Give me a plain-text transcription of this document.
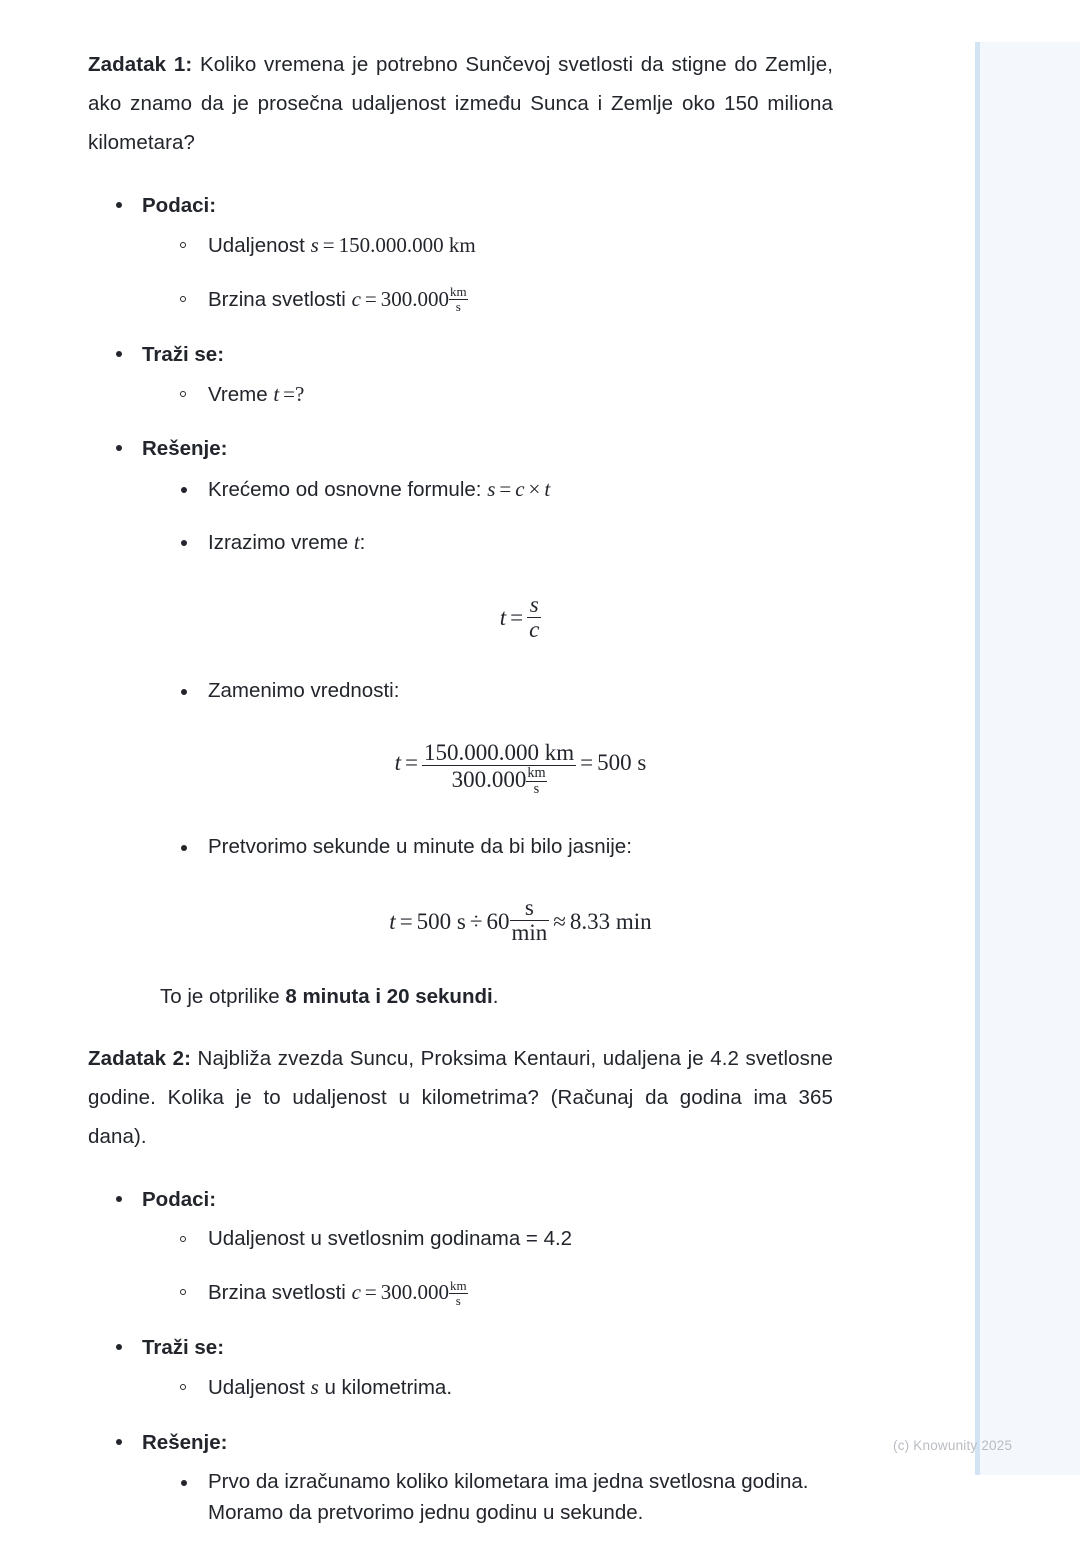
Zadatak 1: Koliko vremena je potrebno Sunčevoj svetlosti da stigne do Zemlje, ako znamo da je prosečna udaljenost između Sunca i Zemlje oko 150 miliona kilometara?

Podaci:
Udaljenost s = 150.000.000 km
Brzina svetlosti $c = 300.000 \frac{km}{s}$
Traži se:
Vreme t =?
Rešenje:
Krećemo od osnovne formule: s = c × t
Izrazimo vreme t:
$t = \frac{s}{c}$
Zamenimo vrednosti:
$t = \frac{150.000.000 km}{300.000 \frac{km}{s}} = 500$ s
Pretvorimo sekunde u minute da bi bilo jasnije:
t = 500 $s \div 60 \frac{s}{\min} \approx 8.33$ min

To je otprilike 8 minuta i 20 sekundi.

Zadatak 2: Najbliža zvezda Suncu, Proksima Kentauri, udaljena je 4.2 svetlosne godine. Kolika je to udaljenost u kilometrima? (Računaj da godina ima 365 dana).

Podaci:
Udaljenost u svetlosnim godinama = 4.2
Brzina svetlosti $c = 300.000 \frac{km}{s}$
Traži se:
Udaljenost s u kilometrima.
Rešenje:
Prvo da izračunamo koliko kilometara ima jedna svetlosna godina.
Moramo da pretvorimo jednu godinu u sekunde.
(c) Knowunity 2025
